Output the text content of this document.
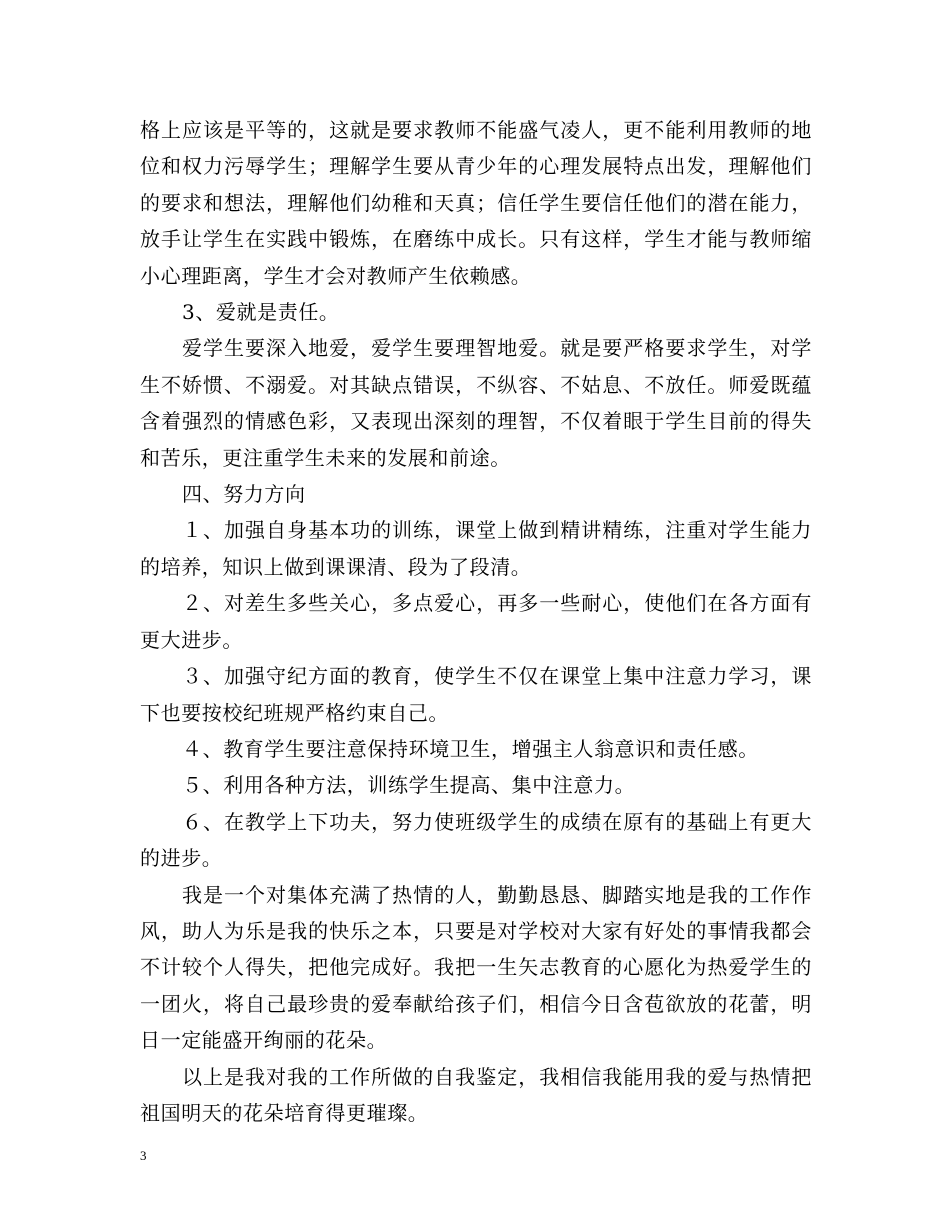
格上应该是平等的，这就是要求教师不能盛气凌人，更不能利用教师的地位和权力污辱学生；理解学生要从青少年的心理发展特点出发，理解他们的要求和想法，理解他们幼稚和天真；信任学生要信任他们的潜在能力，放手让学生在实践中锻炼，在磨练中成长。只有这样，学生才能与教师缩小心理距离，学生才会对教师产生依赖感。

3、爱就是责任。

爱学生要深入地爱，爱学生要理智地爱。就是要严格要求学生，对学生不娇惯、不溺爱。对其缺点错误，不纵容、不姑息、不放任。师爱既蕴含着强烈的情感色彩，又表现出深刻的理智，不仅着眼于学生目前的得失和苦乐，更注重学生未来的发展和前途。

四、努力方向

１、加强自身基本功的训练，课堂上做到精讲精练，注重对学生能力的培养，知识上做到课课清、段为了段清。

２、对差生多些关心，多点爱心，再多一些耐心，使他们在各方面有更大进步。

３、加强守纪方面的教育，使学生不仅在课堂上集中注意力学习，课下也要按校纪班规严格约束自己。

４、教育学生要注意保持环境卫生，增强主人翁意识和责任感。

５、利用各种方法，训练学生提高、集中注意力。

６、在教学上下功夫，努力使班级学生的成绩在原有的基础上有更大的进步。

我是一个对集体充满了热情的人，勤勤恳恳、脚踏实地是我的工作作风，助人为乐是我的快乐之本，只要是对学校对大家有好处的事情我都会不计较个人得失，把他完成好。我把一生矢志教育的心愿化为热爱学生的一团火，将自己最珍贵的爱奉献给孩子们，相信今日含苞欲放的花蕾，明日一定能盛开绚丽的花朵。

以上是我对我的工作所做的自我鉴定，我相信我能用我的爱与热情把祖国明天的花朵培育得更璀璨。

3
